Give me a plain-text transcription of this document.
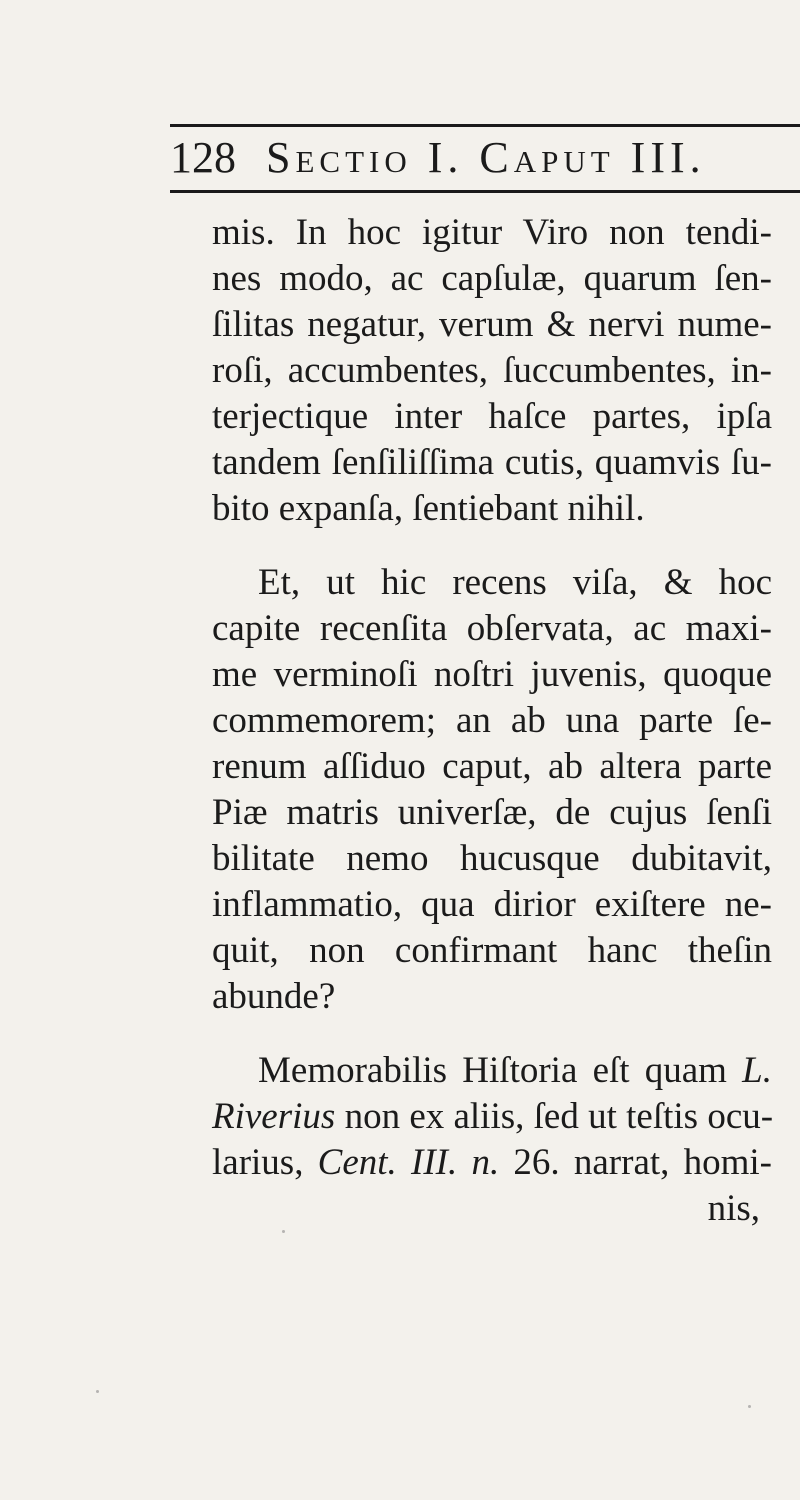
128 Sectio I. Caput III.
mis. In hoc igitur Viro non tendi-
nes modo, ac capſulæ, quarum ſen-
ſilitas negatur, verum & nervi nume-
roſi, accumbentes, ſuccumbentes, in-
terjectique inter haſce partes, ipſa
tandem ſenſiliſſima cutis, quamvis ſu-
bito expanſa, ſentiebant nihil.
Et, ut hic recens viſa, & hoc
capite recenſita obſervata, ac maxi-
me verminoſi noſtri juvenis, quoque
commemorem; an ab una parte ſe-
renum aſſiduo caput, ab altera parte
Piæ matris univerſæ, de cujus ſenſi
bilitate nemo hucusque dubitavit,
inflammatio, qua dirior exiſtere ne-
quit, non confirmant hanc theſin
abunde?
Memorabilis Hiſtoria eſt quam L.
Riverius non ex aliis, ſed ut teſtis ocu-
larius, Cent. III. n. 26. narrat, homi-
nis,
